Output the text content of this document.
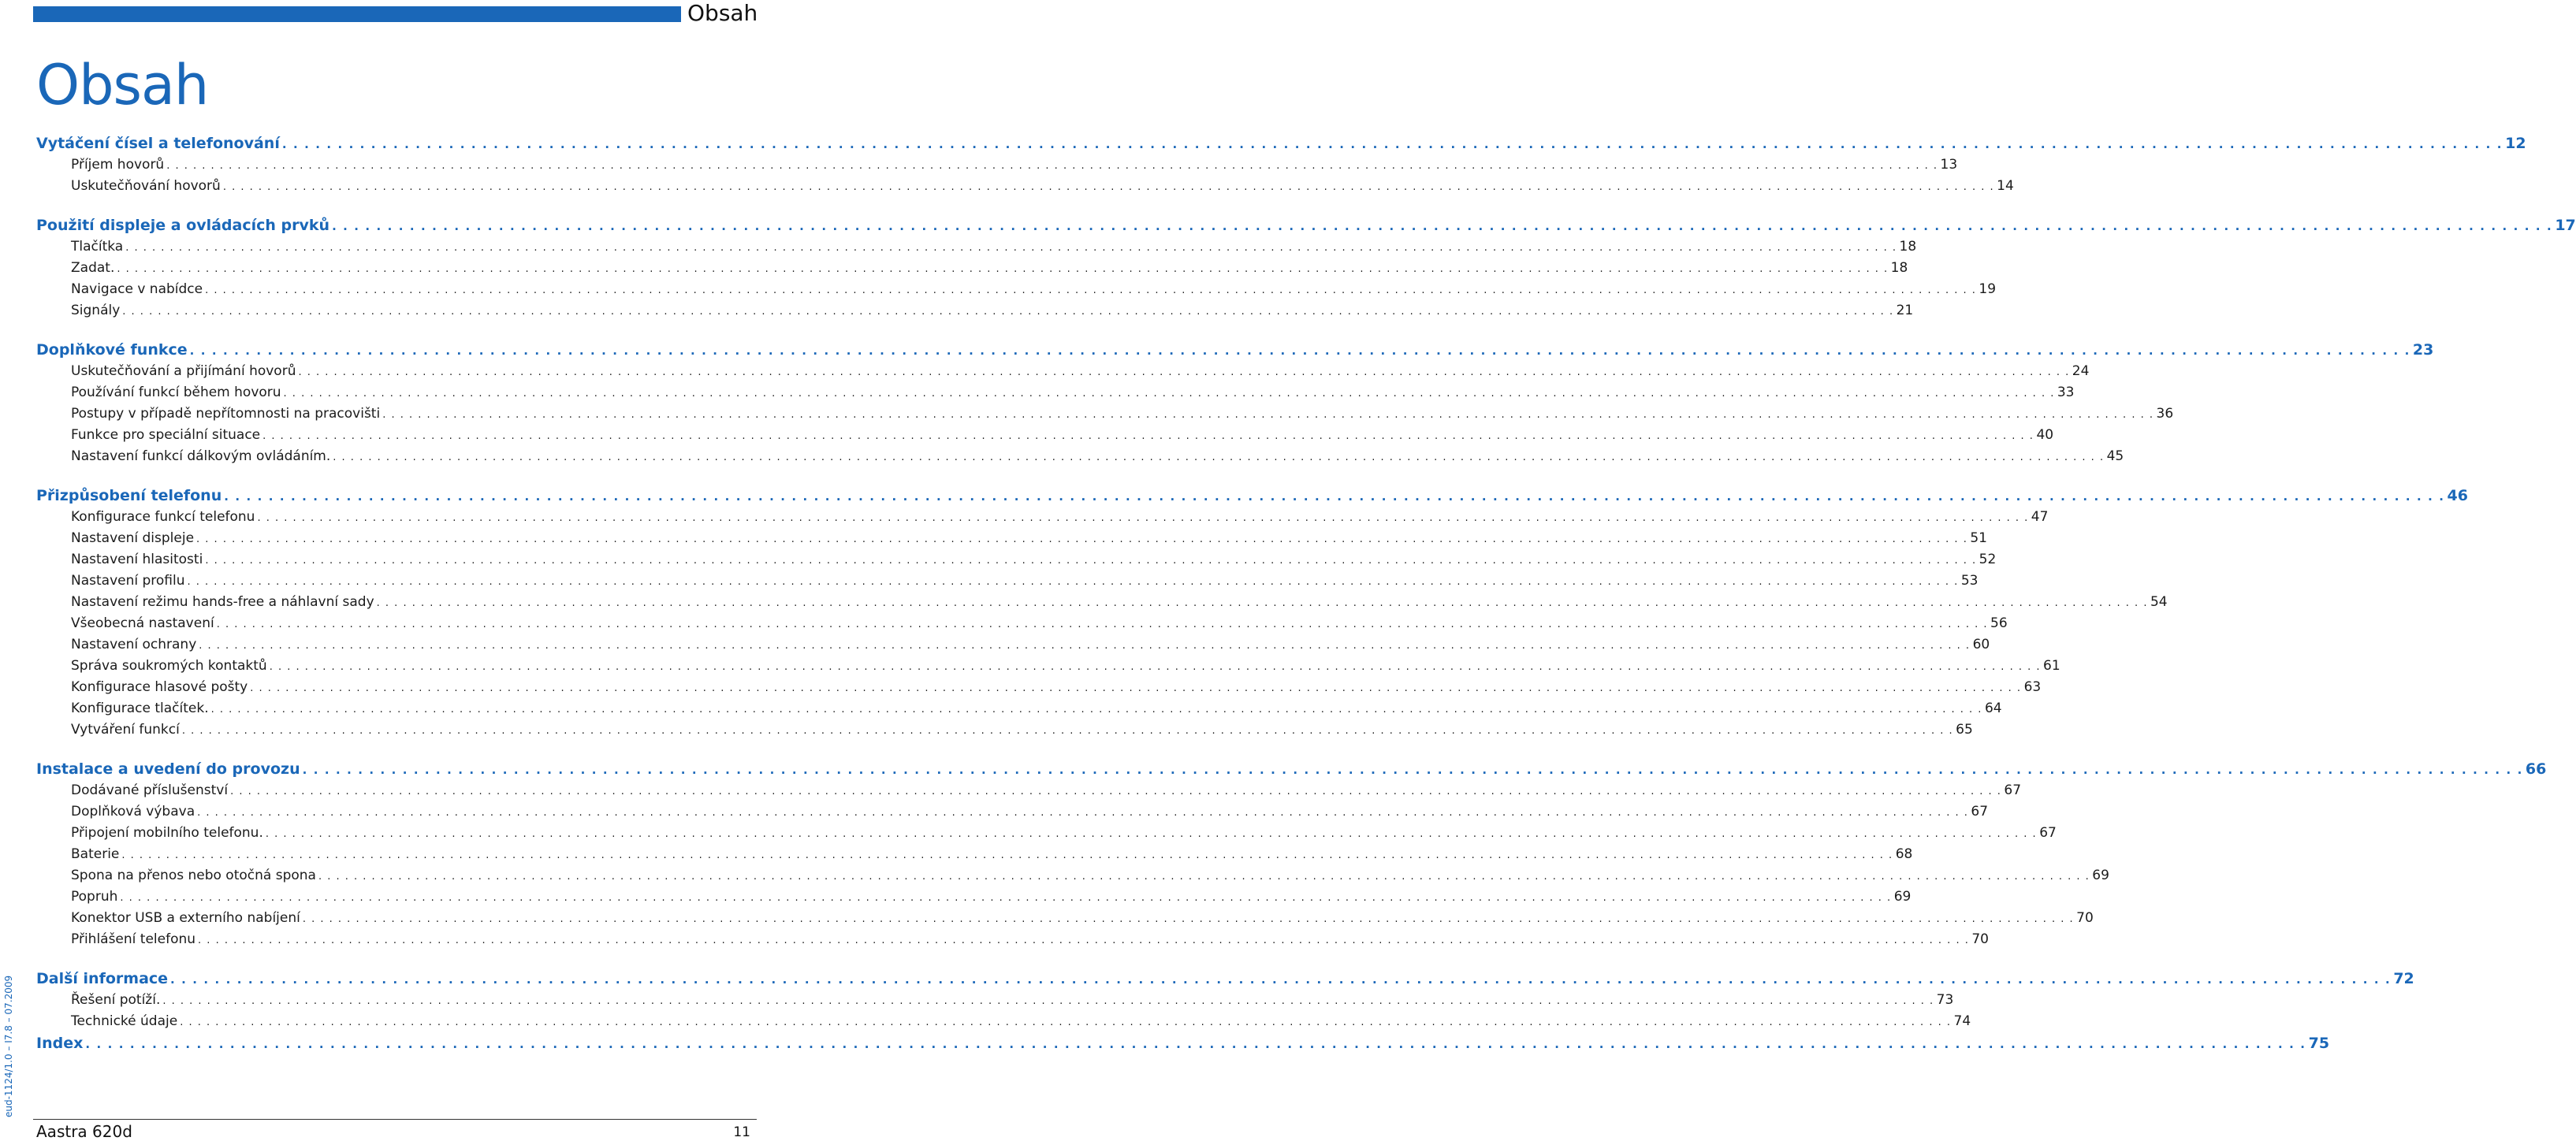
Obsah
Obsah
Vytáčení čísel a telefonování . . . . . . . . . . . . . . . . . . . . . . . . . . . . . . . . . . . . . . . . . . . . . . . . . . . . . . . . . . . . . . . . . . . . . . . . . . . . . . . . . . . . . . . . . . . . . . . . . . . . . . . . . . . . . . . . . . . . . . . . . . . . . . . . . . . . . . . . . . . . . . . . . . . . . . . . . . . . . . . . . . . . . . . . . . . . . . . . . . . . . . . . . . . . . . . . . . . . . . . . 12
Příjem hovorů . . . . . . . . . . . . . . . . . . . . . . . . . . . . . . . . . . . . . . . . . . . . . . . . . . . . . . . . . . . . . . . . . . . . . . . . . . . . . . . . . . . . . . . . . . . . . . . . . . . . . . . . . . . . . . . . . . . . . . . . . . . . . . . . . . . . . . . . . . . . . . . . . . . . . . . . . . . . . . . . . . . . . . . . . . . . . . . . . . . . . . . . . . . . . . . . . . . . . . . . 13
Uskutečňování hovorů . . . . . . . . . . . . . . . . . . . . . . . . . . . . . . . . . . . . . . . . . . . . . . . . . . . . . . . . . . . . . . . . . . . . . . . . . . . . . . . . . . . . . . . . . . . . . . . . . . . . . . . . . . . . . . . . . . . . . . . . . . . . . . . . . . . . . . . . . . . . . . . . . . . . . . . . . . . . . . . . . . . . . . . . . . . . . . . . . . . . . . . . . . . . . . . . . . . . . . . . 14
Použití displeje a ovládacích prvků . . . . . . . . . . . . . . . . . . . . . . . . . . . . . . . . . . . . . . . . . . . . . . . . . . . . . . . . . . . . . . . . . . . . . . . . . . . . . . . . . . . . . . . . . . . . . . . . . . . . . . . . . . . . . . . . . . . . . . . . . . . . . . . . . . . . . . . . . . . . . . . . . . . . . . . . . . . . . . . . . . . . . . . . . . . . . . . . . . . . . . . . . . . . . . . . . . . . . . . . 17
Tlačítka . . . . . . . . . . . . . . . . . . . . . . . . . . . . . . . . . . . . . . . . . . . . . . . . . . . . . . . . . . . . . . . . . . . . . . . . . . . . . . . . . . . . . . . . . . . . . . . . . . . . . . . . . . . . . . . . . . . . . . . . . . . . . . . . . . . . . . . . . . . . . . . . . . . . . . . . . . . . . . . . . . . . . . . . . . . . . . . . . . . . . . . . . . . . . . . . . . . . . . . . 18
Zadat. . . . . . . . . . . . . . . . . . . . . . . . . . . . . . . . . . . . . . . . . . . . . . . . . . . . . . . . . . . . . . . . . . . . . . . . . . . . . . . . . . . . . . . . . . . . . . . . . . . . . . . . . . . . . . . . . . . . . . . . . . . . . . . . . . . . . . . . . . . . . . . . . . . . . . . . . . . . . . . . . . . . . . . . . . . . . . . . . . . . . . . . . . . . . . . . . . . . . . . . . 18
Navigace v nabídce . . . . . . . . . . . . . . . . . . . . . . . . . . . . . . . . . . . . . . . . . . . . . . . . . . . . . . . . . . . . . . . . . . . . . . . . . . . . . . . . . . . . . . . . . . . . . . . . . . . . . . . . . . . . . . . . . . . . . . . . . . . . . . . . . . . . . . . . . . . . . . . . . . . . . . . . . . . . . . . . . . . . . . . . . . . . . . . . . . . . . . . . . . . . . . . . . . . . . . . . 19
Signály . . . . . . . . . . . . . . . . . . . . . . . . . . . . . . . . . . . . . . . . . . . . . . . . . . . . . . . . . . . . . . . . . . . . . . . . . . . . . . . . . . . . . . . . . . . . . . . . . . . . . . . . . . . . . . . . . . . . . . . . . . . . . . . . . . . . . . . . . . . . . . . . . . . . . . . . . . . . . . . . . . . . . . . . . . . . . . . . . . . . . . . . . . . . . . . . . . . . . . . . 21
Doplňkové funkce . . . . . . . . . . . . . . . . . . . . . . . . . . . . . . . . . . . . . . . . . . . . . . . . . . . . . . . . . . . . . . . . . . . . . . . . . . . . . . . . . . . . . . . . . . . . . . . . . . . . . . . . . . . . . . . . . . . . . . . . . . . . . . . . . . . . . . . . . . . . . . . . . . . . . . . . . . . . . . . . . . . . . . . . . . . . . . . . . . . . . . . . . . . . . . . . . . . . . . . . 23
Uskutečňování a přijímání hovorů . . . . . . . . . . . . . . . . . . . . . . . . . . . . . . . . . . . . . . . . . . . . . . . . . . . . . . . . . . . . . . . . . . . . . . . . . . . . . . . . . . . . . . . . . . . . . . . . . . . . . . . . . . . . . . . . . . . . . . . . . . . . . . . . . . . . . . . . . . . . . . . . . . . . . . . . . . . . . . . . . . . . . . . . . . . . . . . . . . . . . . . . . . . . . . . . . . . . . . . . 24
Používání funkcí během hovoru . . . . . . . . . . . . . . . . . . . . . . . . . . . . . . . . . . . . . . . . . . . . . . . . . . . . . . . . . . . . . . . . . . . . . . . . . . . . . . . . . . . . . . . . . . . . . . . . . . . . . . . . . . . . . . . . . . . . . . . . . . . . . . . . . . . . . . . . . . . . . . . . . . . . . . . . . . . . . . . . . . . . . . . . . . . . . . . . . . . . . . . . . . . . . . . . . . . . . . . . 33
Postupy v případě nepřítomnosti na pracovišti . . . . . . . . . . . . . . . . . . . . . . . . . . . . . . . . . . . . . . . . . . . . . . . . . . . . . . . . . . . . . . . . . . . . . . . . . . . . . . . . . . . . . . . . . . . . . . . . . . . . . . . . . . . . . . . . . . . . . . . . . . . . . . . . . . . . . . . . . . . . . . . . . . . . . . . . . . . . . . . . . . . . . . . . . . . . . . . . . . . . . . . . . . . . . . . . . . . . . . . . 36
Funkce pro speciální situace . . . . . . . . . . . . . . . . . . . . . . . . . . . . . . . . . . . . . . . . . . . . . . . . . . . . . . . . . . . . . . . . . . . . . . . . . . . . . . . . . . . . . . . . . . . . . . . . . . . . . . . . . . . . . . . . . . . . . . . . . . . . . . . . . . . . . . . . . . . . . . . . . . . . . . . . . . . . . . . . . . . . . . . . . . . . . . . . . . . . . . . . . . . . . . . . . . . . . . . . 40
Nastavení funkcí dálkovým ovládáním. . . . . . . . . . . . . . . . . . . . . . . . . . . . . . . . . . . . . . . . . . . . . . . . . . . . . . . . . . . . . . . . . . . . . . . . . . . . . . . . . . . . . . . . . . . . . . . . . . . . . . . . . . . . . . . . . . . . . . . . . . . . . . . . . . . . . . . . . . . . . . . . . . . . . . . . . . . . . . . . . . . . . . . . . . . . . . . . . . . . . . . . . . . . . . . . . . . . . . . . . 45
Přizpůsobení telefonu . . . . . . . . . . . . . . . . . . . . . . . . . . . . . . . . . . . . . . . . . . . . . . . . . . . . . . . . . . . . . . . . . . . . . . . . . . . . . . . . . . . . . . . . . . . . . . . . . . . . . . . . . . . . . . . . . . . . . . . . . . . . . . . . . . . . . . . . . . . . . . . . . . . . . . . . . . . . . . . . . . . . . . . . . . . . . . . . . . . . . . . . . . . . . . . . . . . . . . . . 46
Konfigurace funkcí telefonu . . . . . . . . . . . . . . . . . . . . . . . . . . . . . . . . . . . . . . . . . . . . . . . . . . . . . . . . . . . . . . . . . . . . . . . . . . . . . . . . . . . . . . . . . . . . . . . . . . . . . . . . . . . . . . . . . . . . . . . . . . . . . . . . . . . . . . . . . . . . . . . . . . . . . . . . . . . . . . . . . . . . . . . . . . . . . . . . . . . . . . . . . . . . . . . . . . . . . . . . 47
Nastavení displeje . . . . . . . . . . . . . . . . . . . . . . . . . . . . . . . . . . . . . . . . . . . . . . . . . . . . . . . . . . . . . . . . . . . . . . . . . . . . . . . . . . . . . . . . . . . . . . . . . . . . . . . . . . . . . . . . . . . . . . . . . . . . . . . . . . . . . . . . . . . . . . . . . . . . . . . . . . . . . . . . . . . . . . . . . . . . . . . . . . . . . . . . . . . . . . . . . . . . . . . . 51
Nastavení hlasitosti . . . . . . . . . . . . . . . . . . . . . . . . . . . . . . . . . . . . . . . . . . . . . . . . . . . . . . . . . . . . . . . . . . . . . . . . . . . . . . . . . . . . . . . . . . . . . . . . . . . . . . . . . . . . . . . . . . . . . . . . . . . . . . . . . . . . . . . . . . . . . . . . . . . . . . . . . . . . . . . . . . . . . . . . . . . . . . . . . . . . . . . . . . . . . . . . . . . . . . . . 52
Nastavení profilu . . . . . . . . . . . . . . . . . . . . . . . . . . . . . . . . . . . . . . . . . . . . . . . . . . . . . . . . . . . . . . . . . . . . . . . . . . . . . . . . . . . . . . . . . . . . . . . . . . . . . . . . . . . . . . . . . . . . . . . . . . . . . . . . . . . . . . . . . . . . . . . . . . . . . . . . . . . . . . . . . . . . . . . . . . . . . . . . . . . . . . . . . . . . . . . . . . . . . . . . 53
Nastavení režimu hands-free a náhlavní sady . . . . . . . . . . . . . . . . . . . . . . . . . . . . . . . . . . . . . . . . . . . . . . . . . . . . . . . . . . . . . . . . . . . . . . . . . . . . . . . . . . . . . . . . . . . . . . . . . . . . . . . . . . . . . . . . . . . . . . . . . . . . . . . . . . . . . . . . . . . . . . . . . . . . . . . . . . . . . . . . . . . . . . . . . . . . . . . . . . . . . . . . . . . . . . . . . . . . . . . . 54
Všeobecná nastavení . . . . . . . . . . . . . . . . . . . . . . . . . . . . . . . . . . . . . . . . . . . . . . . . . . . . . . . . . . . . . . . . . . . . . . . . . . . . . . . . . . . . . . . . . . . . . . . . . . . . . . . . . . . . . . . . . . . . . . . . . . . . . . . . . . . . . . . . . . . . . . . . . . . . . . . . . . . . . . . . . . . . . . . . . . . . . . . . . . . . . . . . . . . . . . . . . . . . . . . . 56
Nastavení ochrany . . . . . . . . . . . . . . . . . . . . . . . . . . . . . . . . . . . . . . . . . . . . . . . . . . . . . . . . . . . . . . . . . . . . . . . . . . . . . . . . . . . . . . . . . . . . . . . . . . . . . . . . . . . . . . . . . . . . . . . . . . . . . . . . . . . . . . . . . . . . . . . . . . . . . . . . . . . . . . . . . . . . . . . . . . . . . . . . . . . . . . . . . . . . . . . . . . . . . . . . 60
Správa soukromých kontaktů . . . . . . . . . . . . . . . . . . . . . . . . . . . . . . . . . . . . . . . . . . . . . . . . . . . . . . . . . . . . . . . . . . . . . . . . . . . . . . . . . . . . . . . . . . . . . . . . . . . . . . . . . . . . . . . . . . . . . . . . . . . . . . . . . . . . . . . . . . . . . . . . . . . . . . . . . . . . . . . . . . . . . . . . . . . . . . . . . . . . . . . . . . . . . . . . . . . . . . . . 61
Konfigurace hlasové pošty . . . . . . . . . . . . . . . . . . . . . . . . . . . . . . . . . . . . . . . . . . . . . . . . . . . . . . . . . . . . . . . . . . . . . . . . . . . . . . . . . . . . . . . . . . . . . . . . . . . . . . . . . . . . . . . . . . . . . . . . . . . . . . . . . . . . . . . . . . . . . . . . . . . . . . . . . . . . . . . . . . . . . . . . . . . . . . . . . . . . . . . . . . . . . . . . . . . . . . . . 63
Konfigurace tlačítek. . . . . . . . . . . . . . . . . . . . . . . . . . . . . . . . . . . . . . . . . . . . . . . . . . . . . . . . . . . . . . . . . . . . . . . . . . . . . . . . . . . . . . . . . . . . . . . . . . . . . . . . . . . . . . . . . . . . . . . . . . . . . . . . . . . . . . . . . . . . . . . . . . . . . . . . . . . . . . . . . . . . . . . . . . . . . . . . . . . . . . . . . . . . . . . . . . . . . . . . . 64
Vytváření funkcí . . . . . . . . . . . . . . . . . . . . . . . . . . . . . . . . . . . . . . . . . . . . . . . . . . . . . . . . . . . . . . . . . . . . . . . . . . . . . . . . . . . . . . . . . . . . . . . . . . . . . . . . . . . . . . . . . . . . . . . . . . . . . . . . . . . . . . . . . . . . . . . . . . . . . . . . . . . . . . . . . . . . . . . . . . . . . . . . . . . . . . . . . . . . . . . . . . . . . . . . 65
Instalace a uvedení do provozu . . . . . . . . . . . . . . . . . . . . . . . . . . . . . . . . . . . . . . . . . . . . . . . . . . . . . . . . . . . . . . . . . . . . . . . . . . . . . . . . . . . . . . . . . . . . . . . . . . . . . . . . . . . . . . . . . . . . . . . . . . . . . . . . . . . . . . . . . . . . . . . . . . . . . . . . . . . . . . . . . . . . . . . . . . . . . . . . . . . . . . . . . . . . . . . . . . . . . . . . 66
Dodávané příslušenství . . . . . . . . . . . . . . . . . . . . . . . . . . . . . . . . . . . . . . . . . . . . . . . . . . . . . . . . . . . . . . . . . . . . . . . . . . . . . . . . . . . . . . . . . . . . . . . . . . . . . . . . . . . . . . . . . . . . . . . . . . . . . . . . . . . . . . . . . . . . . . . . . . . . . . . . . . . . . . . . . . . . . . . . . . . . . . . . . . . . . . . . . . . . . . . . . . . . . . . . 67
Doplňková výbava . . . . . . . . . . . . . . . . . . . . . . . . . . . . . . . . . . . . . . . . . . . . . . . . . . . . . . . . . . . . . . . . . . . . . . . . . . . . . . . . . . . . . . . . . . . . . . . . . . . . . . . . . . . . . . . . . . . . . . . . . . . . . . . . . . . . . . . . . . . . . . . . . . . . . . . . . . . . . . . . . . . . . . . . . . . . . . . . . . . . . . . . . . . . . . . . . . . . . . . . 67
Připojení mobilního telefonu. . . . . . . . . . . . . . . . . . . . . . . . . . . . . . . . . . . . . . . . . . . . . . . . . . . . . . . . . . . . . . . . . . . . . . . . . . . . . . . . . . . . . . . . . . . . . . . . . . . . . . . . . . . . . . . . . . . . . . . . . . . . . . . . . . . . . . . . . . . . . . . . . . . . . . . . . . . . . . . . . . . . . . . . . . . . . . . . . . . . . . . . . . . . . . . . . . . . . . . . . 67
Baterie . . . . . . . . . . . . . . . . . . . . . . . . . . . . . . . . . . . . . . . . . . . . . . . . . . . . . . . . . . . . . . . . . . . . . . . . . . . . . . . . . . . . . . . . . . . . . . . . . . . . . . . . . . . . . . . . . . . . . . . . . . . . . . . . . . . . . . . . . . . . . . . . . . . . . . . . . . . . . . . . . . . . . . . . . . . . . . . . . . . . . . . . . . . . . . . . . . . . . . . . 68
Spona na přenos nebo otočná spona . . . . . . . . . . . . . . . . . . . . . . . . . . . . . . . . . . . . . . . . . . . . . . . . . . . . . . . . . . . . . . . . . . . . . . . . . . . . . . . . . . . . . . . . . . . . . . . . . . . . . . . . . . . . . . . . . . . . . . . . . . . . . . . . . . . . . . . . . . . . . . . . . . . . . . . . . . . . . . . . . . . . . . . . . . . . . . . . . . . . . . . . . . . . . . . . . . . . . . . . 69
Popruh . . . . . . . . . . . . . . . . . . . . . . . . . . . . . . . . . . . . . . . . . . . . . . . . . . . . . . . . . . . . . . . . . . . . . . . . . . . . . . . . . . . . . . . . . . . . . . . . . . . . . . . . . . . . . . . . . . . . . . . . . . . . . . . . . . . . . . . . . . . . . . . . . . . . . . . . . . . . . . . . . . . . . . . . . . . . . . . . . . . . . . . . . . . . . . . . . . . . . . . . 69
Konektor USB a externího nabíjení . . . . . . . . . . . . . . . . . . . . . . . . . . . . . . . . . . . . . . . . . . . . . . . . . . . . . . . . . . . . . . . . . . . . . . . . . . . . . . . . . . . . . . . . . . . . . . . . . . . . . . . . . . . . . . . . . . . . . . . . . . . . . . . . . . . . . . . . . . . . . . . . . . . . . . . . . . . . . . . . . . . . . . . . . . . . . . . . . . . . . . . . . . . . . . . . . . . . . . . . 70
Přihlášení telefonu . . . . . . . . . . . . . . . . . . . . . . . . . . . . . . . . . . . . . . . . . . . . . . . . . . . . . . . . . . . . . . . . . . . . . . . . . . . . . . . . . . . . . . . . . . . . . . . . . . . . . . . . . . . . . . . . . . . . . . . . . . . . . . . . . . . . . . . . . . . . . . . . . . . . . . . . . . . . . . . . . . . . . . . . . . . . . . . . . . . . . . . . . . . . . . . . . . . . . . . . 70
Další informace . . . . . . . . . . . . . . . . . . . . . . . . . . . . . . . . . . . . . . . . . . . . . . . . . . . . . . . . . . . . . . . . . . . . . . . . . . . . . . . . . . . . . . . . . . . . . . . . . . . . . . . . . . . . . . . . . . . . . . . . . . . . . . . . . . . . . . . . . . . . . . . . . . . . . . . . . . . . . . . . . . . . . . . . . . . . . . . . . . . . . . . . . . . . . . . . . . . . . . . . 72
Řešení potíží. . . . . . . . . . . . . . . . . . . . . . . . . . . . . . . . . . . . . . . . . . . . . . . . . . . . . . . . . . . . . . . . . . . . . . . . . . . . . . . . . . . . . . . . . . . . . . . . . . . . . . . . . . . . . . . . . . . . . . . . . . . . . . . . . . . . . . . . . . . . . . . . . . . . . . . . . . . . . . . . . . . . . . . . . . . . . . . . . . . . . . . . . . . . . . . . . . . . . . . . . 73
Technické údaje . . . . . . . . . . . . . . . . . . . . . . . . . . . . . . . . . . . . . . . . . . . . . . . . . . . . . . . . . . . . . . . . . . . . . . . . . . . . . . . . . . . . . . . . . . . . . . . . . . . . . . . . . . . . . . . . . . . . . . . . . . . . . . . . . . . . . . . . . . . . . . . . . . . . . . . . . . . . . . . . . . . . . . . . . . . . . . . . . . . . . . . . . . . . . . . . . . . . . . . . 74
Index . . . . . . . . . . . . . . . . . . . . . . . . . . . . . . . . . . . . . . . . . . . . . . . . . . . . . . . . . . . . . . . . . . . . . . . . . . . . . . . . . . . . . . . . . . . . . . . . . . . . . . . . . . . . . . . . . . . . . . . . . . . . . . . . . . . . . . . . . . . . . . . . . . . . . . . . . . . . . . . . . . . . . . . . . . . . . . . . . . . . . . . . . . . . . . . . . . . . . . . . 75
eud-1124/1.0 – I7.8 – 07.2009
Aastra 620d	11
